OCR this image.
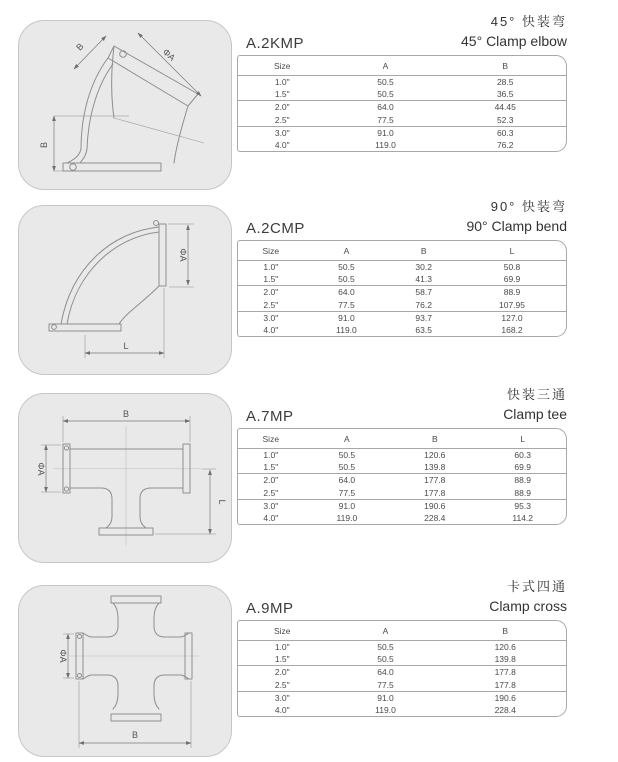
B	ΦA
B
45° 快装弯
45° Clamp elbow
A.2KMP
Size	A	B
1.0"	50.5	28.5
1.5"	50.5	36.5
2.0"	64.0	44.45
2.5"	77.5	52.3
3.0"	91.0	60.3
4.0"	119.0	76.2
ΦA
L
90° 快装弯
90° Clamp bend
A.2CMP
Size	A	B	L
1.0"	50.5	30.2	50.8
1.5"	50.5	41.3	69.9
2.0"	64.0	58.7	88.9
2.5"	77.5	76.2	107.95
3.0"	91.0	93.7	127.0
4.0"	119.0	63.5	168.2
B
ΦA
L
快装三通
Clamp tee
A.7MP
Size	A	B	L
1.0"	50.5	120.6	60.3
1.5"	50.5	139.8	69.9
2.0"	64.0	177.8	88.9
2.5"	77.5	177.8	88.9
3.0"	91.0	190.6	95.3
4.0"	119.0	228.4	114.2
ΦA
B
卡式四通
Clamp cross
A.9MP
Size	A	B
1.0"	50.5	120.6
1.5"	50.5	139.8
2.0"	64.0	177.8
2.5"	77.5	177.8
3.0"	91.0	190.6
4.0"	119.0	228.4
